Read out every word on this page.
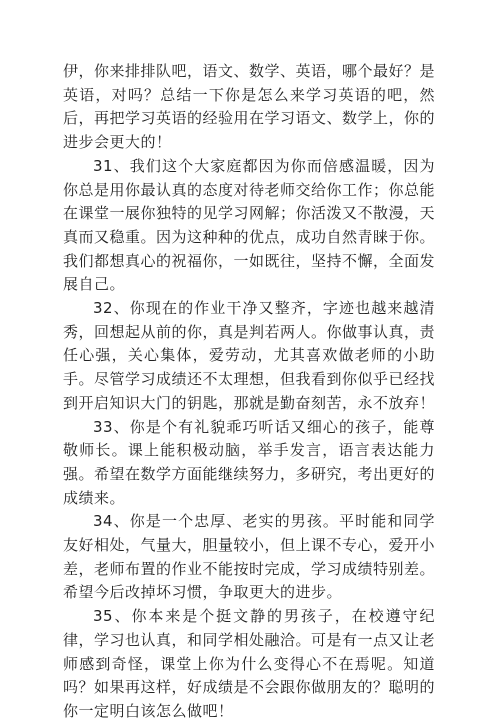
伊，你来排排队吧，语文、数学、英语，哪个最好？是英语，对吗？总结一下你是怎么来学习英语的吧，然后，再把学习英语的经验用在学习语文、数学上，你的进步会更大的！

31、我们这个大家庭都因为你而倍感温暖，因为你总是用你最认真的态度对待老师交给你工作；你总能在课堂一展你独特的见学习网解；你活泼又不散漫，天真而又稳重。因为这种种的优点，成功自然青睐于你。我们都想真心的祝福你，一如既往，坚持不懈，全面发展自己。

32、你现在的作业干净又整齐，字迹也越来越清秀，回想起从前的你，真是判若两人。你做事认真，责任心强，关心集体，爱劳动，尤其喜欢做老师的小助手。尽管学习成绩还不太理想，但我看到你似乎已经找到开启知识大门的钥匙，那就是勤奋刻苦，永不放弃！

33、你是个有礼貌乖巧听话又细心的孩子，能尊敬师长。课上能积极动脑，举手发言，语言表达能力强。希望在数学方面能继续努力，多研究，考出更好的成绩来。

34、你是一个忠厚、老实的男孩。平时能和同学友好相处，气量大，胆量较小，但上课不专心，爱开小差，老师布置的作业不能按时完成，学习成绩特别差。希望今后改掉坏习惯，争取更大的进步。

35、你本来是个挺文静的男孩子，在校遵守纪律，学习也认真，和同学相处融洽。可是有一点又让老师感到奇怪，课堂上你为什么变得心不在焉呢。知道吗？如果再这样，好成绩是不会跟你做朋友的？聪明的你一定明白该怎么做吧！
